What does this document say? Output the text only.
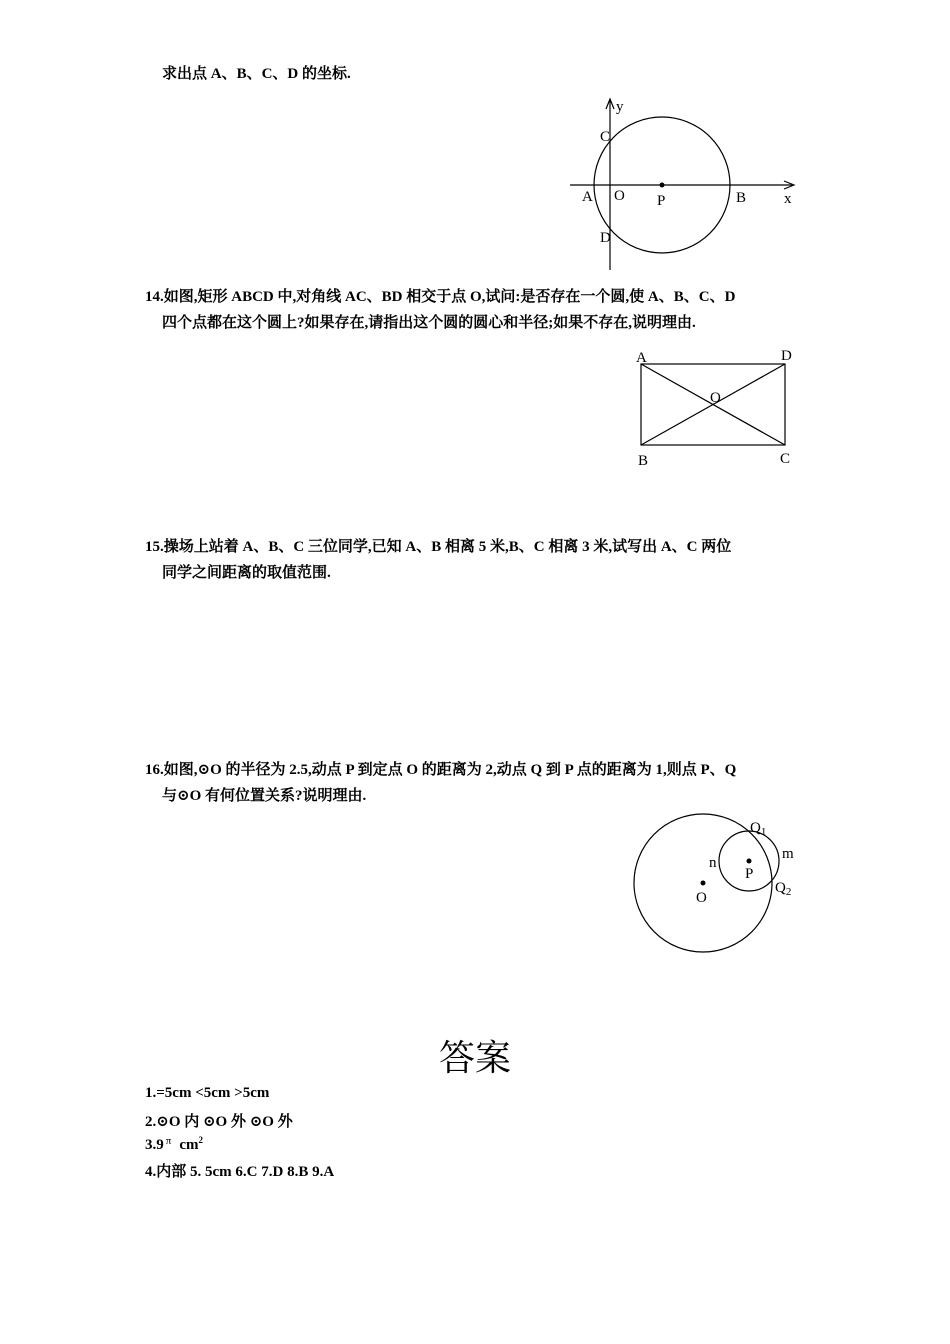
求出点 A、B、C、D 的坐标.
y
x
C
A O P	B
D
14.如图,矩形 ABCD 中,对角线 AC、BD 相交于点 O,试问:是否存在一个圆,使 A、B、C、D
四个点都在这个圆上?如果存在,请指出这个圆的圆心和半径;如果不存在,说明理由.
A	D
O
B	C
15.操场上站着 A、B、C 三位同学,已知 A、B 相离 5 米,B、C 相离 3 米,试写出 A、C 两位
同学之间距离的取值范围.
16.如图,⊙O 的半径为 2.5,动点 P 到定点 O 的距离为 2,动点 Q 到 P 点的距离为 1,则点 P、Q
与⊙O 有何位置关系?说明理由.
$Q_1$
m
n
P
O
$Q_2$
答案
1.=5cm <5cm >5cm
2.⊙O 内 ⊙O 外 ⊙O 外
3.9 $^\pi$ $cm^2$
4.内部 5. 5cm 6.C 7.D 8.B 9.A
